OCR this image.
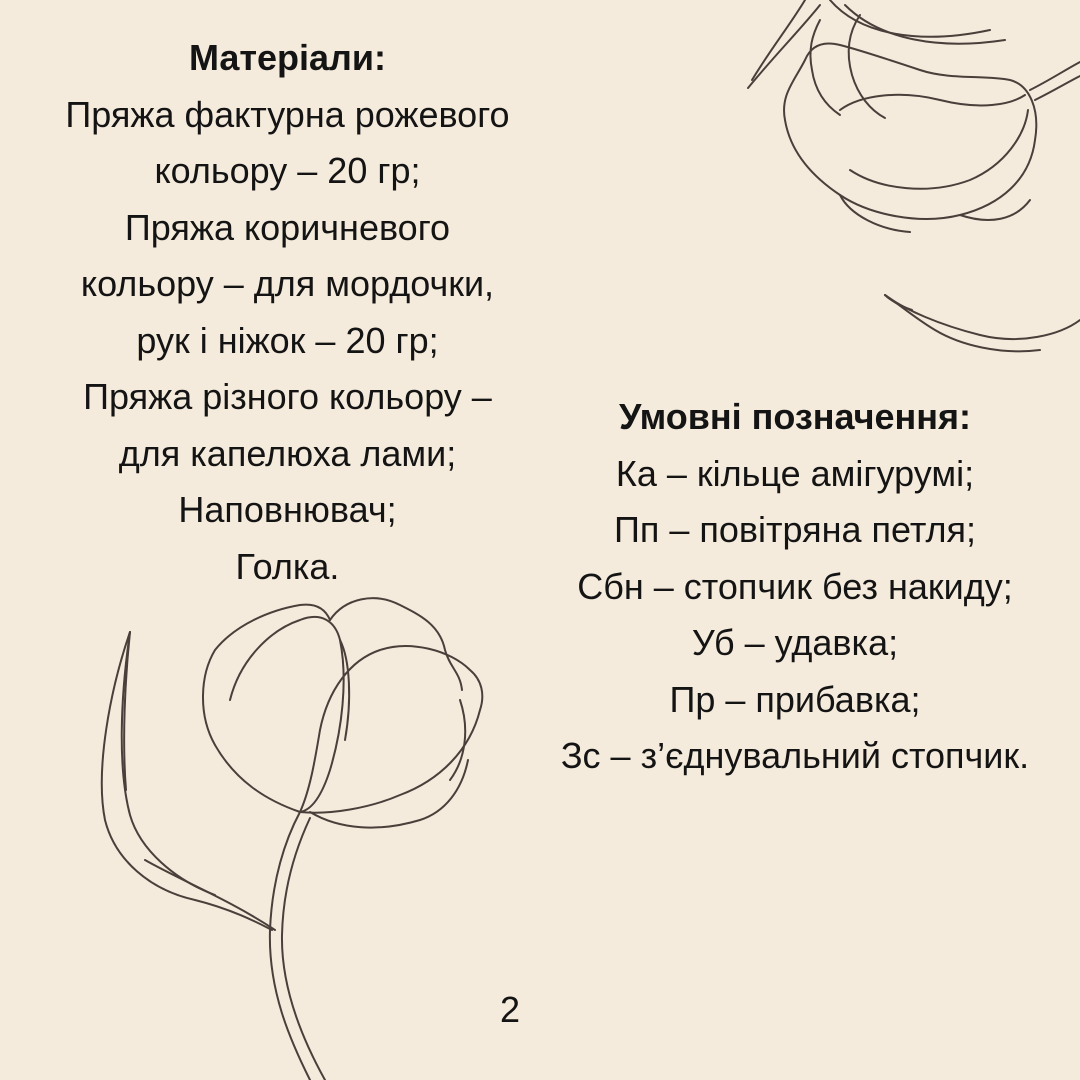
Матеріали:
Пряжа фактурна рожевого
кольору – 20 гр;
Пряжа коричневого
кольору – для мордочки,
рук і ніжок – 20 гр;
Пряжа різного кольору –
для капелюха лами;
Наповнювач;
Голка.
Умовні позначення:
Ка – кільце амігурумі;
Пп – повітряна петля;
Сбн – стопчик без накиду;
Уб – удавка;
Пр – прибавка;
Зс – з’єднувальний стопчик.
2
